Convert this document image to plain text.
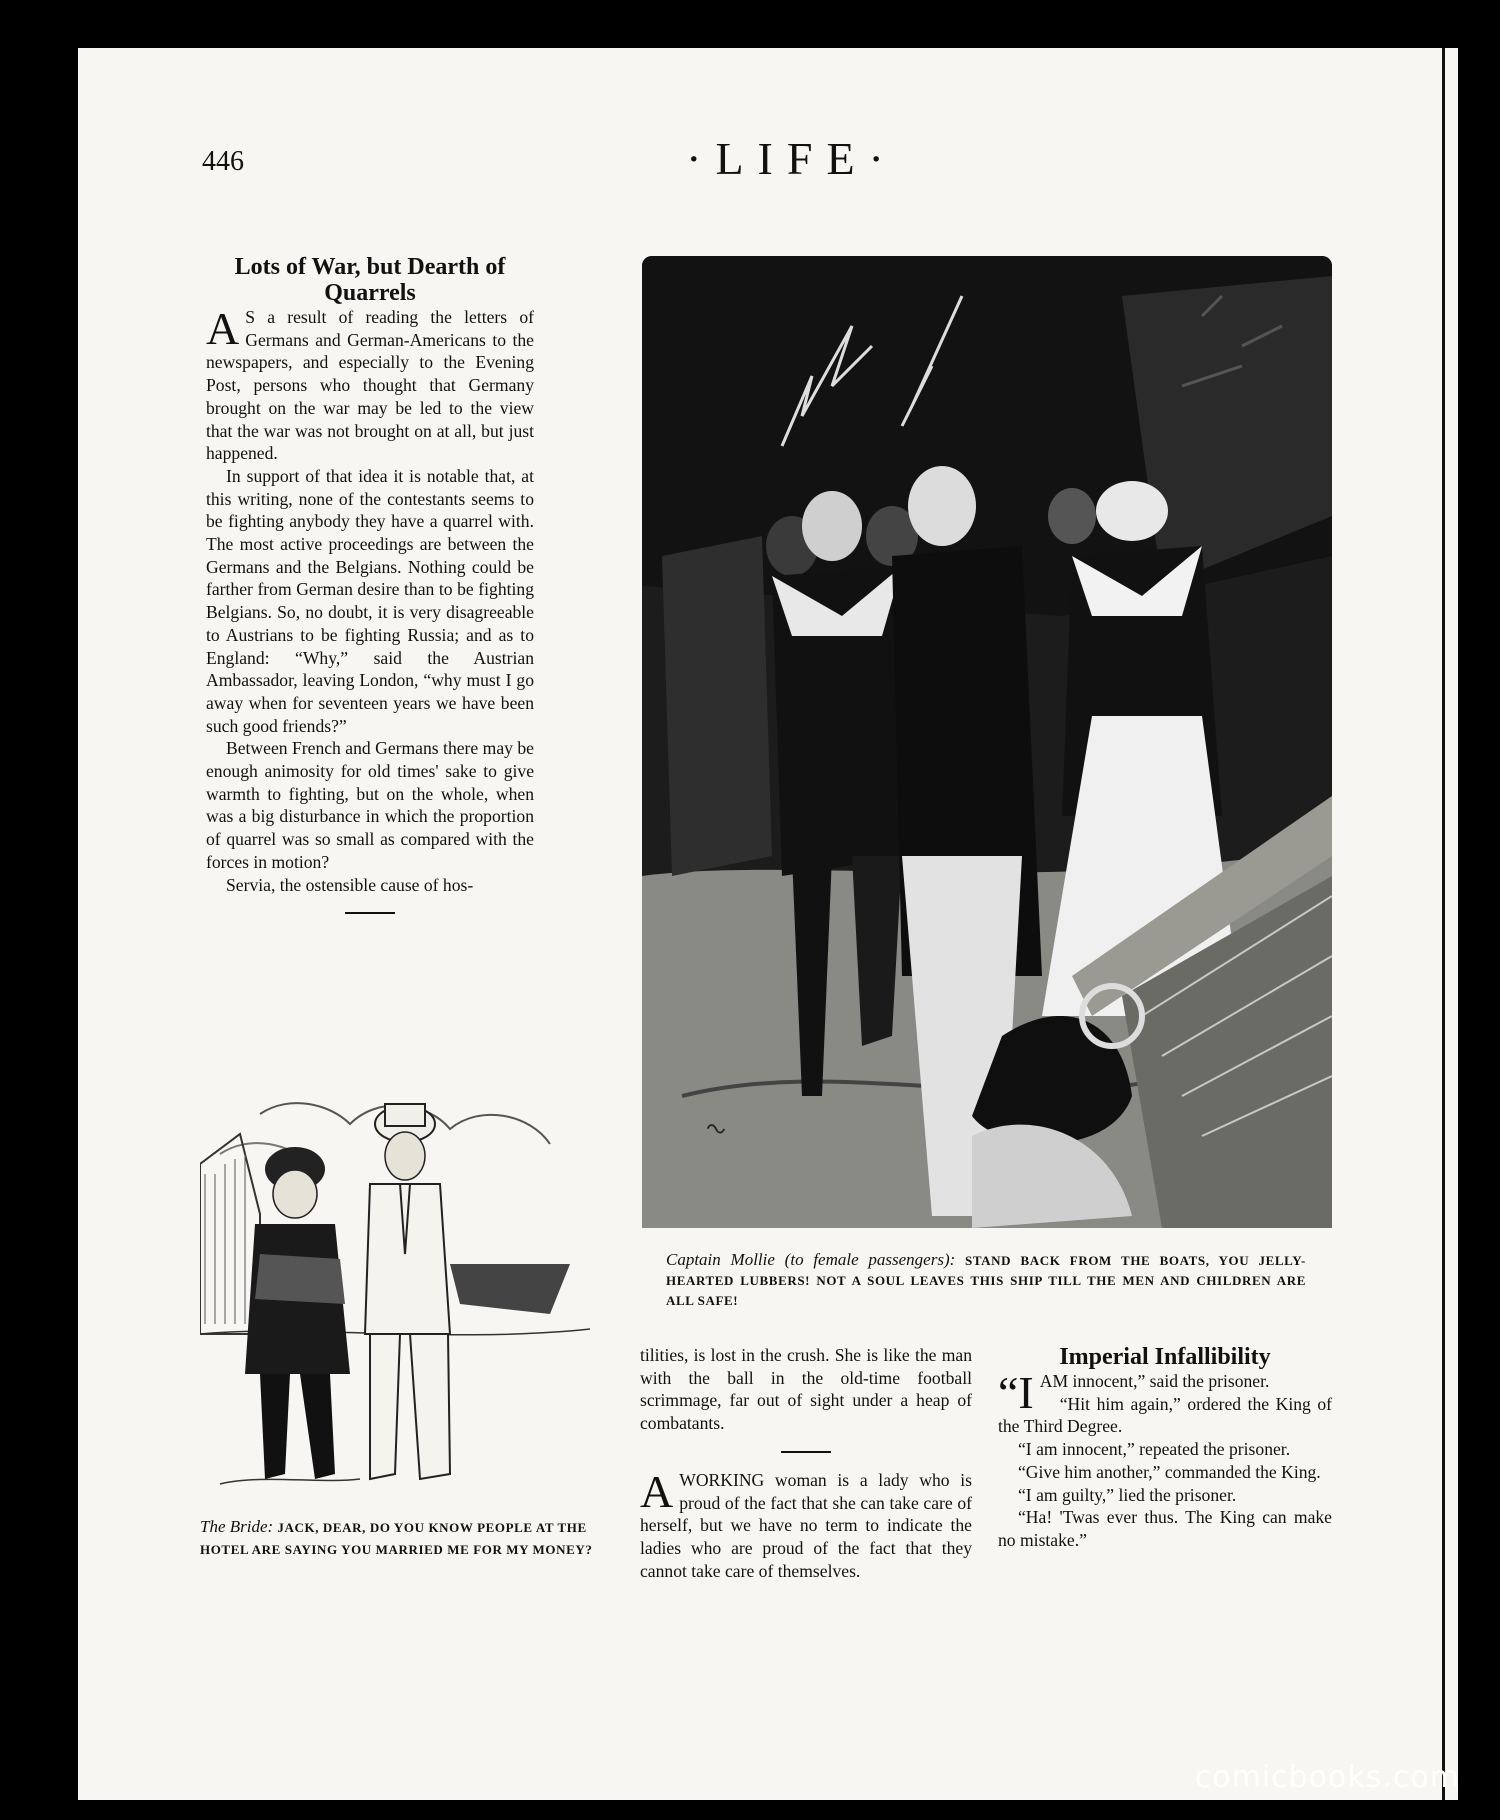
446	·LIFE·

Lots of War, but Dearth of Quarrels

A S a result of reading the letters of Germans and German-Americans to the newspapers, and especially to the Evening Post, persons who thought that Germany brought on the war may be led to the view that the war was not brought on at all, but just happened.

In support of that idea it is notable that, at this writing, none of the contestants seems to be fighting anybody they have a quarrel with. The most active proceedings are between the Germans and the Belgians. Nothing could be farther from German desire than to be fighting Belgians. So, no doubt, it is very disagreeable to Austrians to be fighting Russia; and as to England: “Why,” said the Austrian Ambassador, leaving London, “why must I go away when for seventeen years we have been such good friends?”

Between French and Germans there may be enough animosity for old times' sake to give warmth to fighting, but on the whole, when was a big disturbance in which the proportion of quarrel was so small as compared with the forces in motion?

Servia, the ostensible cause of hos-

~
Captain Mollie (to female passengers): STAND BACK FROM THE BOATS, YOU JELLY-HEARTED LUBBERS! NOT A SOUL LEAVES THIS SHIP TILL THE MEN AND CHILDREN ARE ALL SAFE!
The Bride: JACK, DEAR, DO YOU KNOW PEOPLE AT THE HOTEL ARE SAYING YOU MARRIED ME FOR MY MONEY?

tilities, is lost in the crush. She is like the man with the ball in the old-time football scrimmage, far out of sight under a heap of combatants.

AWORKING woman is a lady who is proud of the fact that she can take care of herself, but we have no term to indicate the ladies who are proud of the fact that they cannot take care of themselves.

Imperial Infallibility

“IAM innocent,” said the prisoner.

“Hit him again,” ordered the King of the Third Degree.

“I am innocent,” repeated the prisoner.

“Give him another,” commanded the King.

“I am guilty,” lied the prisoner.

“Ha! 'Twas ever thus. The King can make no mistake.”

comicbooks.com
